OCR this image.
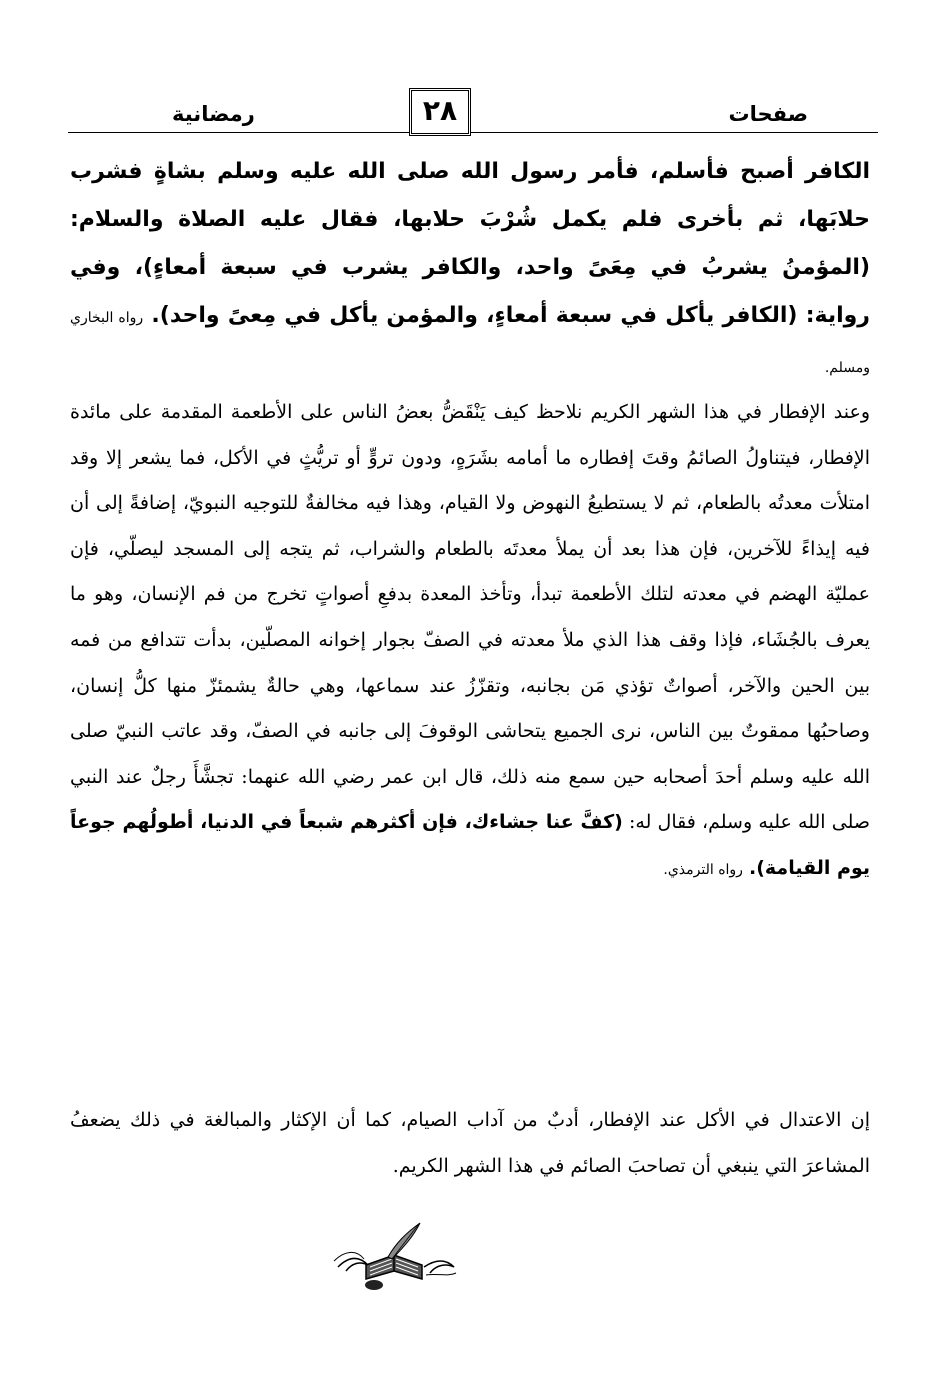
رمضانية	٢٨	صفحات
الكافر أصبح فأسلم، فأمر رسول الله صلى الله عليه وسلم بشاةٍ فشرب حلابَها، ثم بأخرى فلم يكمل شُرْبَ حلابها، فقال عليه الصلاة والسلام: (المؤمنُ يشربُ في مِعَىً واحد، والكافر يشرب في سبعة أمعاءٍ)، وفي رواية: (الكافر يأكل في سبعة أمعاءٍ، والمؤمن يأكل في مِعىً واحد). رواه البخاري ومسلم.
وعند الإفطار في هذا الشهر الكريم نلاحظ كيف يَنْقَضُّ بعضُ الناس على الأطعمة المقدمة على مائدة الإفطار، فيتناولُ الصائمُ وقتَ إفطاره ما أمامه بشَرَهٍ، ودون تروٍّ أو تريُّثٍ في الأكل، فما يشعر إلا وقد امتلأت معدتُه بالطعام، ثم لا يستطيعُ النهوض ولا القيام، وهذا فيه مخالفةٌ للتوجيه النبويّ، إضافةً إلى أن فيه إيذاءً للآخرين، فإن هذا بعد أن يملأ معدتَه بالطعام والشراب، ثم يتجه إلى المسجد ليصلّي، فإن عمليّة الهضم في معدته لتلك الأطعمة تبدأ، وتأخذ المعدة بدفعِ أصواتٍ تخرج من فم الإنسان، وهو ما يعرف بالجُشَاء، فإذا وقف هذا الذي ملأ معدته في الصفّ بجوار إخوانه المصلّين، بدأت تتدافع من فمه بين الحين والآخر، أصواتٌ تؤذي مَن بجانبه، وتقزّزُ عند سماعها، وهي حالةٌ يشمئزّ منها كلُّ إنسان، وصاحبُها ممقوتٌ بين الناس، نرى الجميع يتحاشى الوقوفَ إلى جانبه في الصفّ، وقد عاتب النبيّ صلى الله عليه وسلم أحدَ أصحابه حين سمع منه ذلك، قال ابن عمر رضي الله عنهما: تجشَّأَ رجلٌ عند النبي صلى الله عليه وسلم، فقال له: (كفَّ عنا جشاءك، فإن أكثرهم شبعاً في الدنيا، أطولُهم جوعاً يوم القيامة). رواه الترمذي.
إن الاعتدال في الأكل عند الإفطار، أدبٌ من آداب الصيام، كما أن الإكثار والمبالغة في ذلك يضعفُ المشاعرَ التي ينبغي أن تصاحبَ الصائم في هذا الشهر الكريم.
